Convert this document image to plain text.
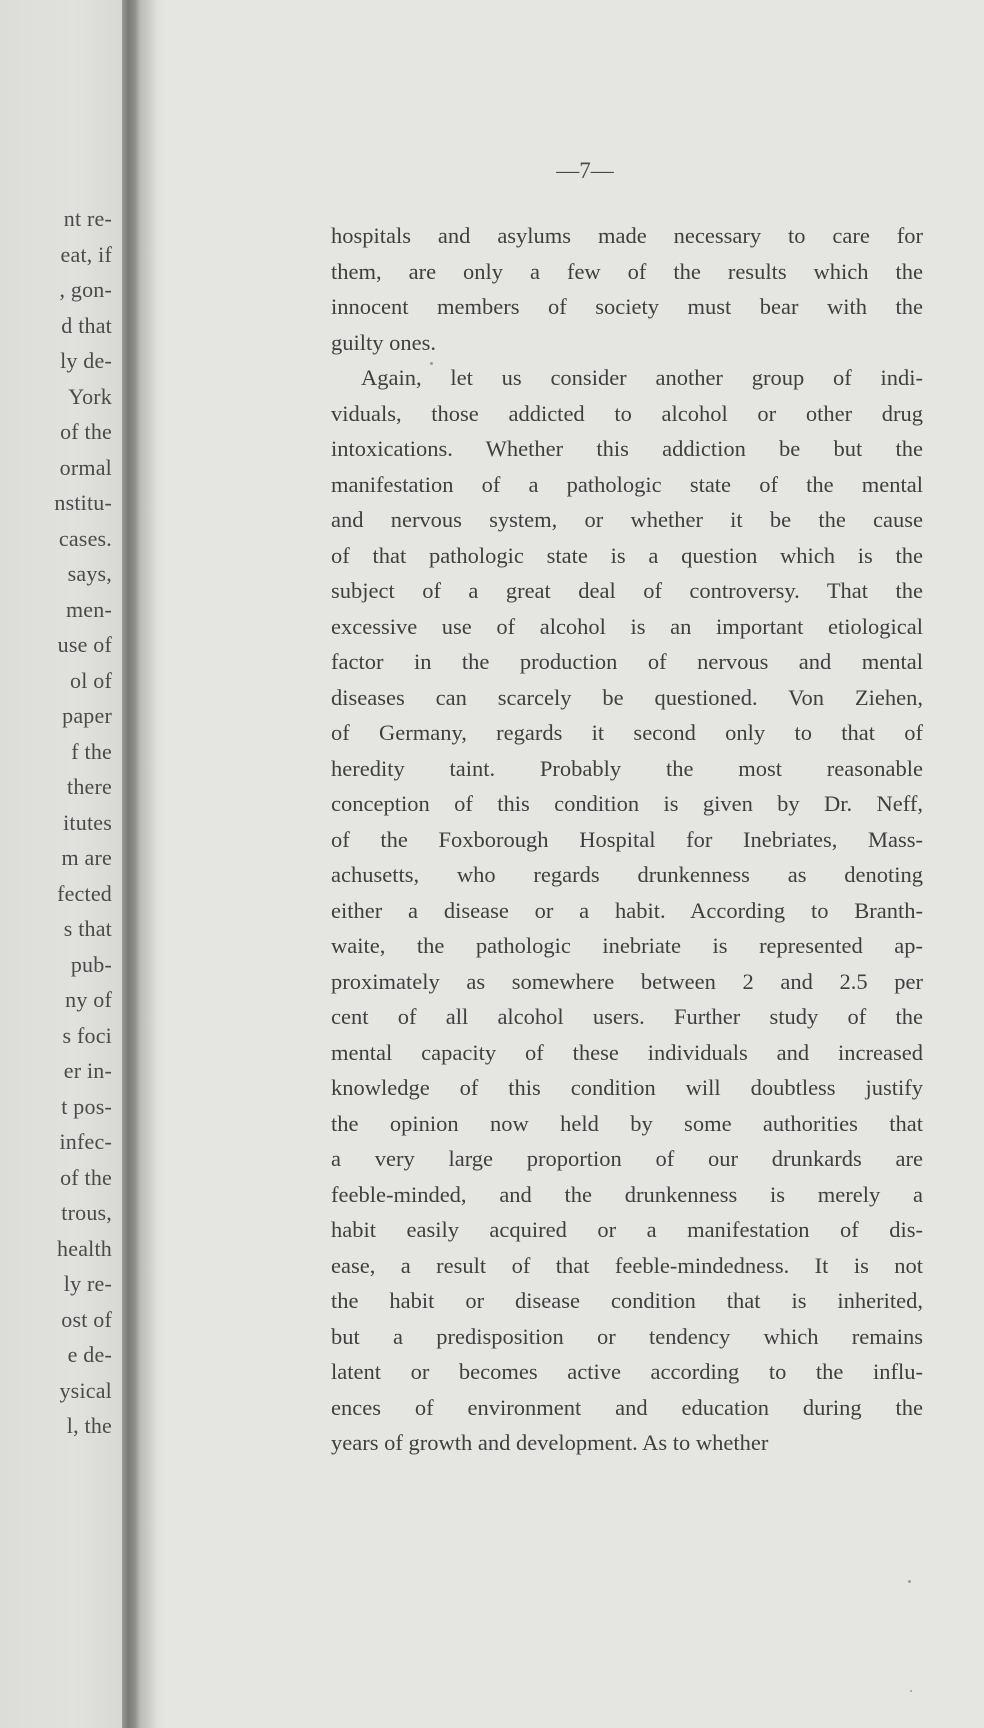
nt re-
eat, if
, gon-
d that
ly de-
York
of the
ormal
nstitu-
cases.
says,
men-
use of
ol of
paper
f the
there
itutes
m are
fected
s that
pub-
ny of
s foci
er in-
t pos-
infec-
of the
trous,
health
ly re-
ost of
e de-
ysical
l, the
—7—
hospitals and asylums made necessary to care for
them, are only a few of the results which the
innocent members of society must bear with the
guilty ones.
Again, let us consider another group of indi-
viduals, those addicted to alcohol or other drug
intoxications. Whether this addiction be but the
manifestation of a pathologic state of the mental
and nervous system, or whether it be the cause
of that pathologic state is a question which is the
subject of a great deal of controversy. That the
excessive use of alcohol is an important etiological
factor in the production of nervous and mental
diseases can scarcely be questioned. Von Ziehen,
of Germany, regards it second only to that of
heredity taint. Probably the most reasonable
conception of this condition is given by Dr. Neff,
of the Foxborough Hospital for Inebriates, Mass-
achusetts, who regards drunkenness as denoting
either a disease or a habit. According to Branth-
waite, the pathologic inebriate is represented ap-
proximately as somewhere between 2 and 2.5 per
cent of all alcohol users. Further study of the
mental capacity of these individuals and increased
knowledge of this condition will doubtless justify
the opinion now held by some authorities that
a very large proportion of our drunkards are
feeble-minded, and the drunkenness is merely a
habit easily acquired or a manifestation of dis-
ease, a result of that feeble-mindedness. It is not
the habit or disease condition that is inherited,
but a predisposition or tendency which remains
latent or becomes active according to the influ-
ences of environment and education during the
years of growth and development. As to whether
